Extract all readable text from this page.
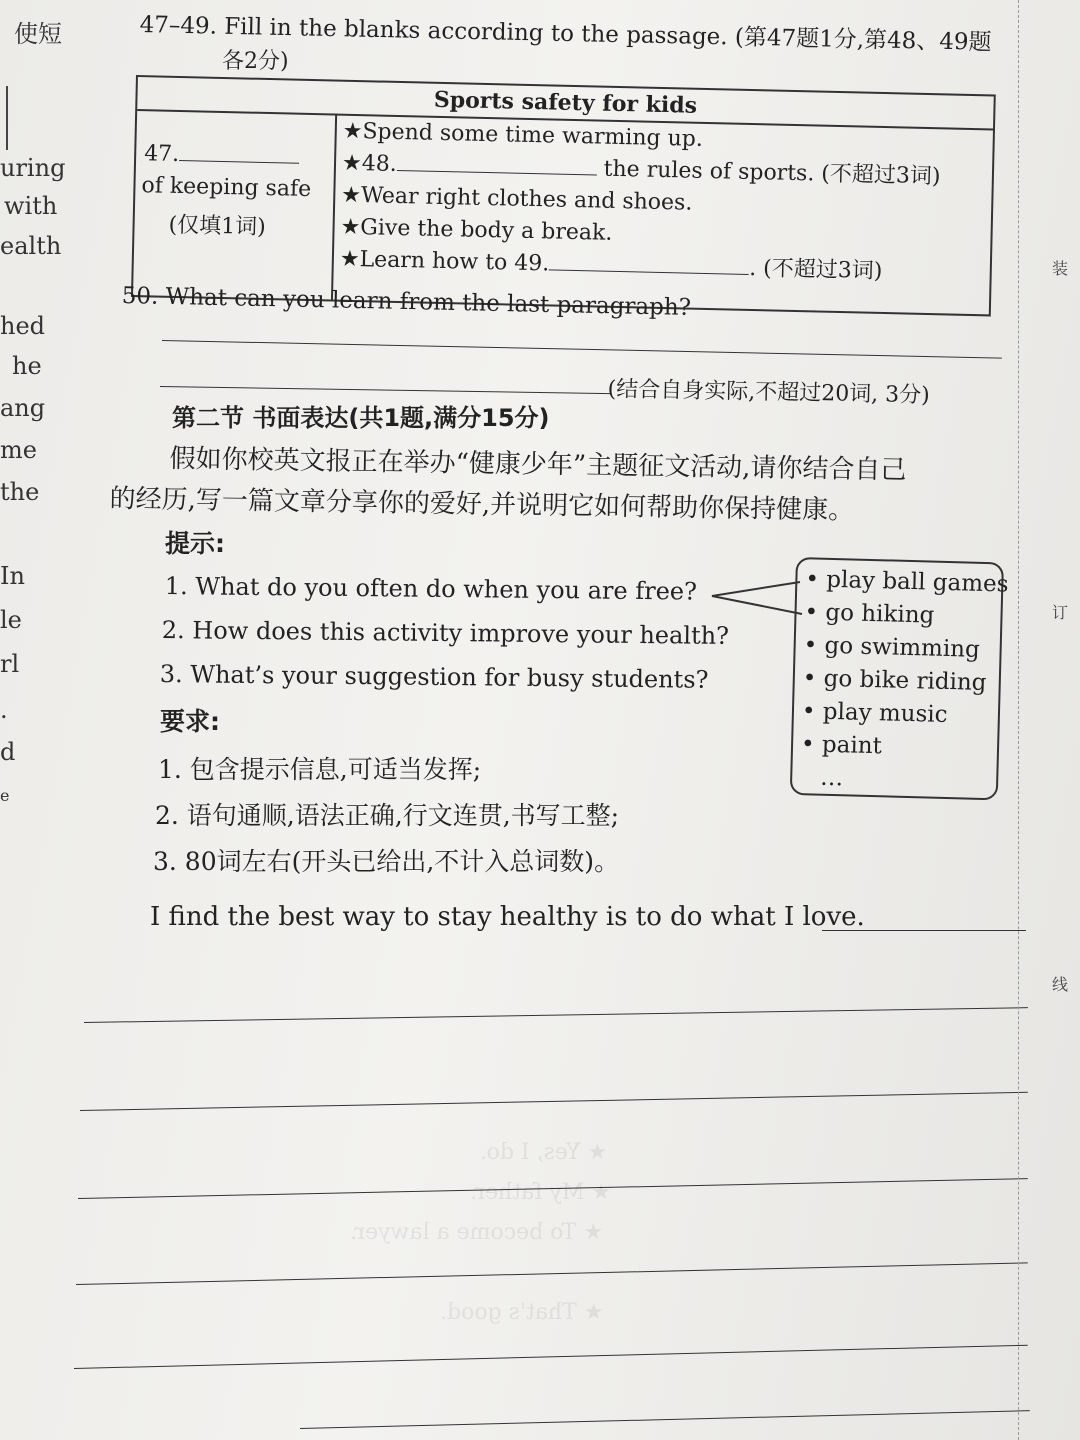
★ Yes, I do.
★ My father.
★ To become a lawyer.
★ That's good.
使短
uring
with
ealth
hed
he
ang
me
the
In
le
rl
.
d
e
47–49. Fill in the blanks according to the passage. (第47题1分,第48、49题
各2分)
Sports safety for kids
47.
of keeping safe
(仅填1词)
★Spend some time warming up.
★48.	the rules of sports. (不超过3词)
★Wear right clothes and shoes.
★Give the body a break.
★Learn how to 49.	. (不超过3词)
50. What can you learn from the last paragraph?
(结合自身实际,不超过20词, 3分)
第二节 书面表达(共1题,满分15分)
假如你校英文报正在举办“健康少年”主题征文活动,请你结合自己
的经历,写一篇文章分享你的爱好,并说明它如何帮助你保持健康。
提示:
1. What do you often do when you are free?
2. How does this activity improve your health?
3. What’s your suggestion for busy students?
• play ball games
• go hiking
• go swimming
• go bike riding
• play music
• paint
…
要求:
1. 包含提示信息,可适当发挥;
2. 语句通顺,语法正确,行文连贯,书写工整;
3. 80词左右(开头已给出,不计入总词数)。
I find the best way to stay healthy is to do what I love.
装
订
线
